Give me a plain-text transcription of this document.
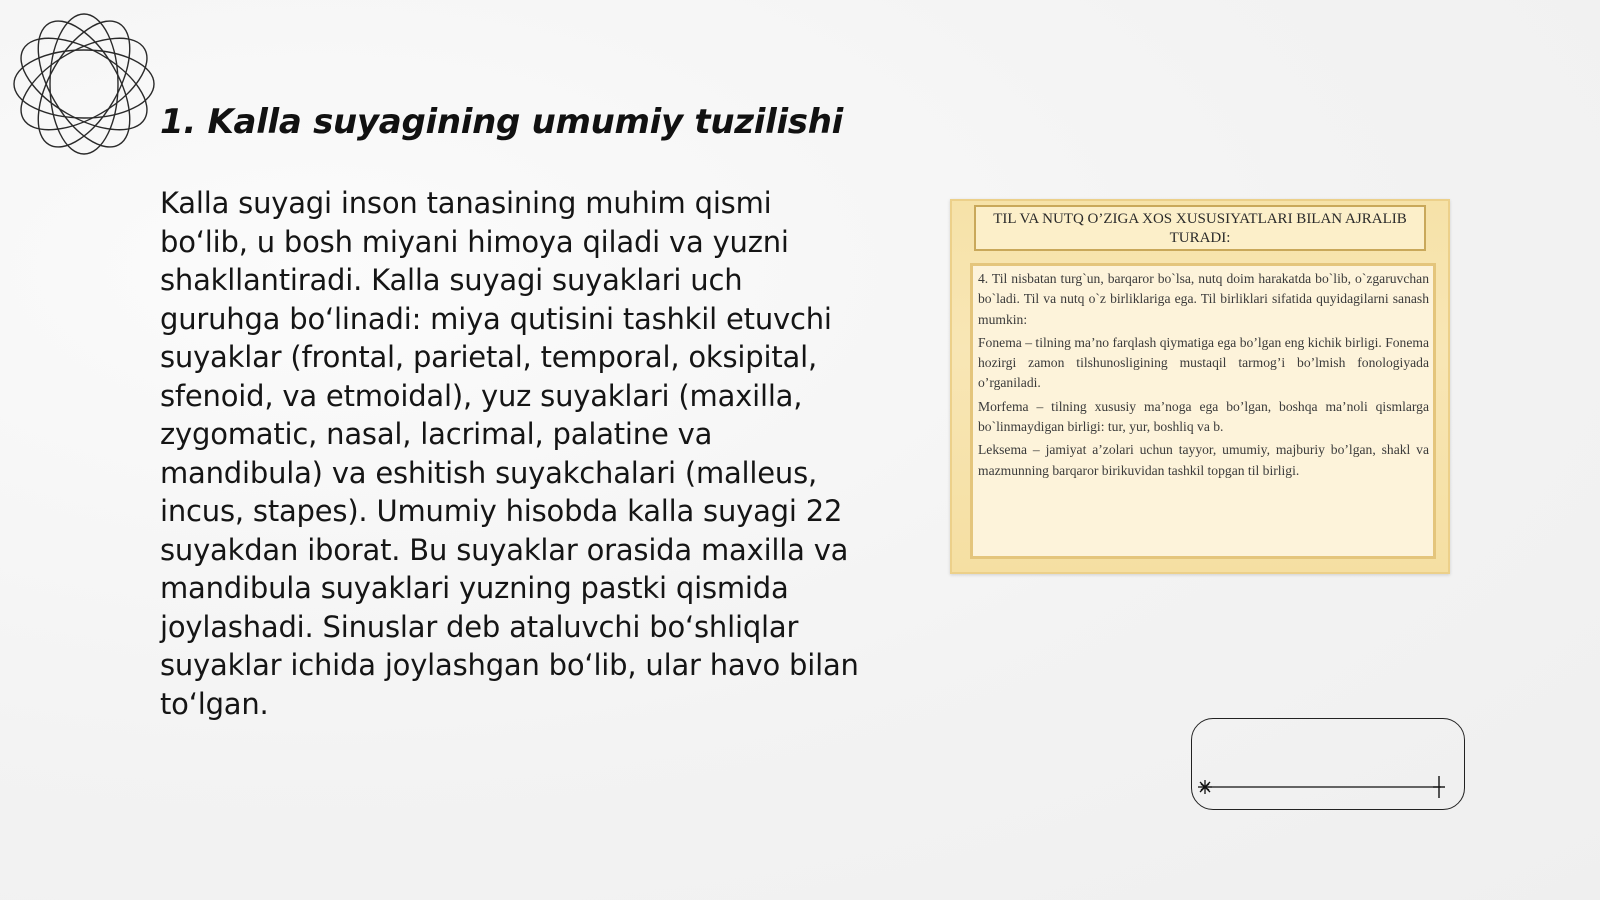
1. Kalla suyagining umumiy tuzilishi

Kalla suyagi inson tanasining muhim qismi bo‘lib, u bosh miyani himoya qiladi va yuzni shakllantiradi. Kalla suyagi suyaklari uch guruhga bo‘linadi: miya qutisini tashkil etuvchi suyaklar (frontal, parietal, temporal, oksipital, sfenoid, va etmoidal), yuz suyaklari (maxilla, zygomatic, nasal, lacrimal, palatine va mandibula) va eshitish suyakchalari (malleus, incus, stapes). Umumiy hisobda kalla suyagi 22 suyakdan iborat. Bu suyaklar orasida maxilla va mandibula suyaklari yuzning pastki qismida joylashadi. Sinuslar deb ataluvchi bo‘shliqlar suyaklar ichida joylashgan bo‘lib, ular havo bilan to‘lgan.

TIL VA NUTQ O’ZIGA XOS XUSUSIYATLARI BILAN AJRALIB TURADI:

4. Til nisbatan turg`un, barqaror bo`lsa, nutq doim harakatda bo`lib, o`zgaruvchan bo`ladi. Til va nutq o`z birliklariga ega. Til birliklari sifatida quyidagilarni sanash mumkin:

Fonema – tilning ma’no farqlash qiymatiga ega bo’lgan eng kichik birligi. Fonema hozirgi zamon tilshunosligining mustaqil tarmog’i bo’lmish fonologiyada o’rganiladi.

Morfema – tilning xususiy ma’noga ega bo’lgan, boshqa ma’noli qismlarga bo`linmaydigan birligi: tur, yur, boshliq va b.

Leksema – jamiyat a’zolari uchun tayyor, umumiy, majburiy bo’lgan, shakl va mazmunning barqaror birikuvidan tashkil topgan til birligi.
